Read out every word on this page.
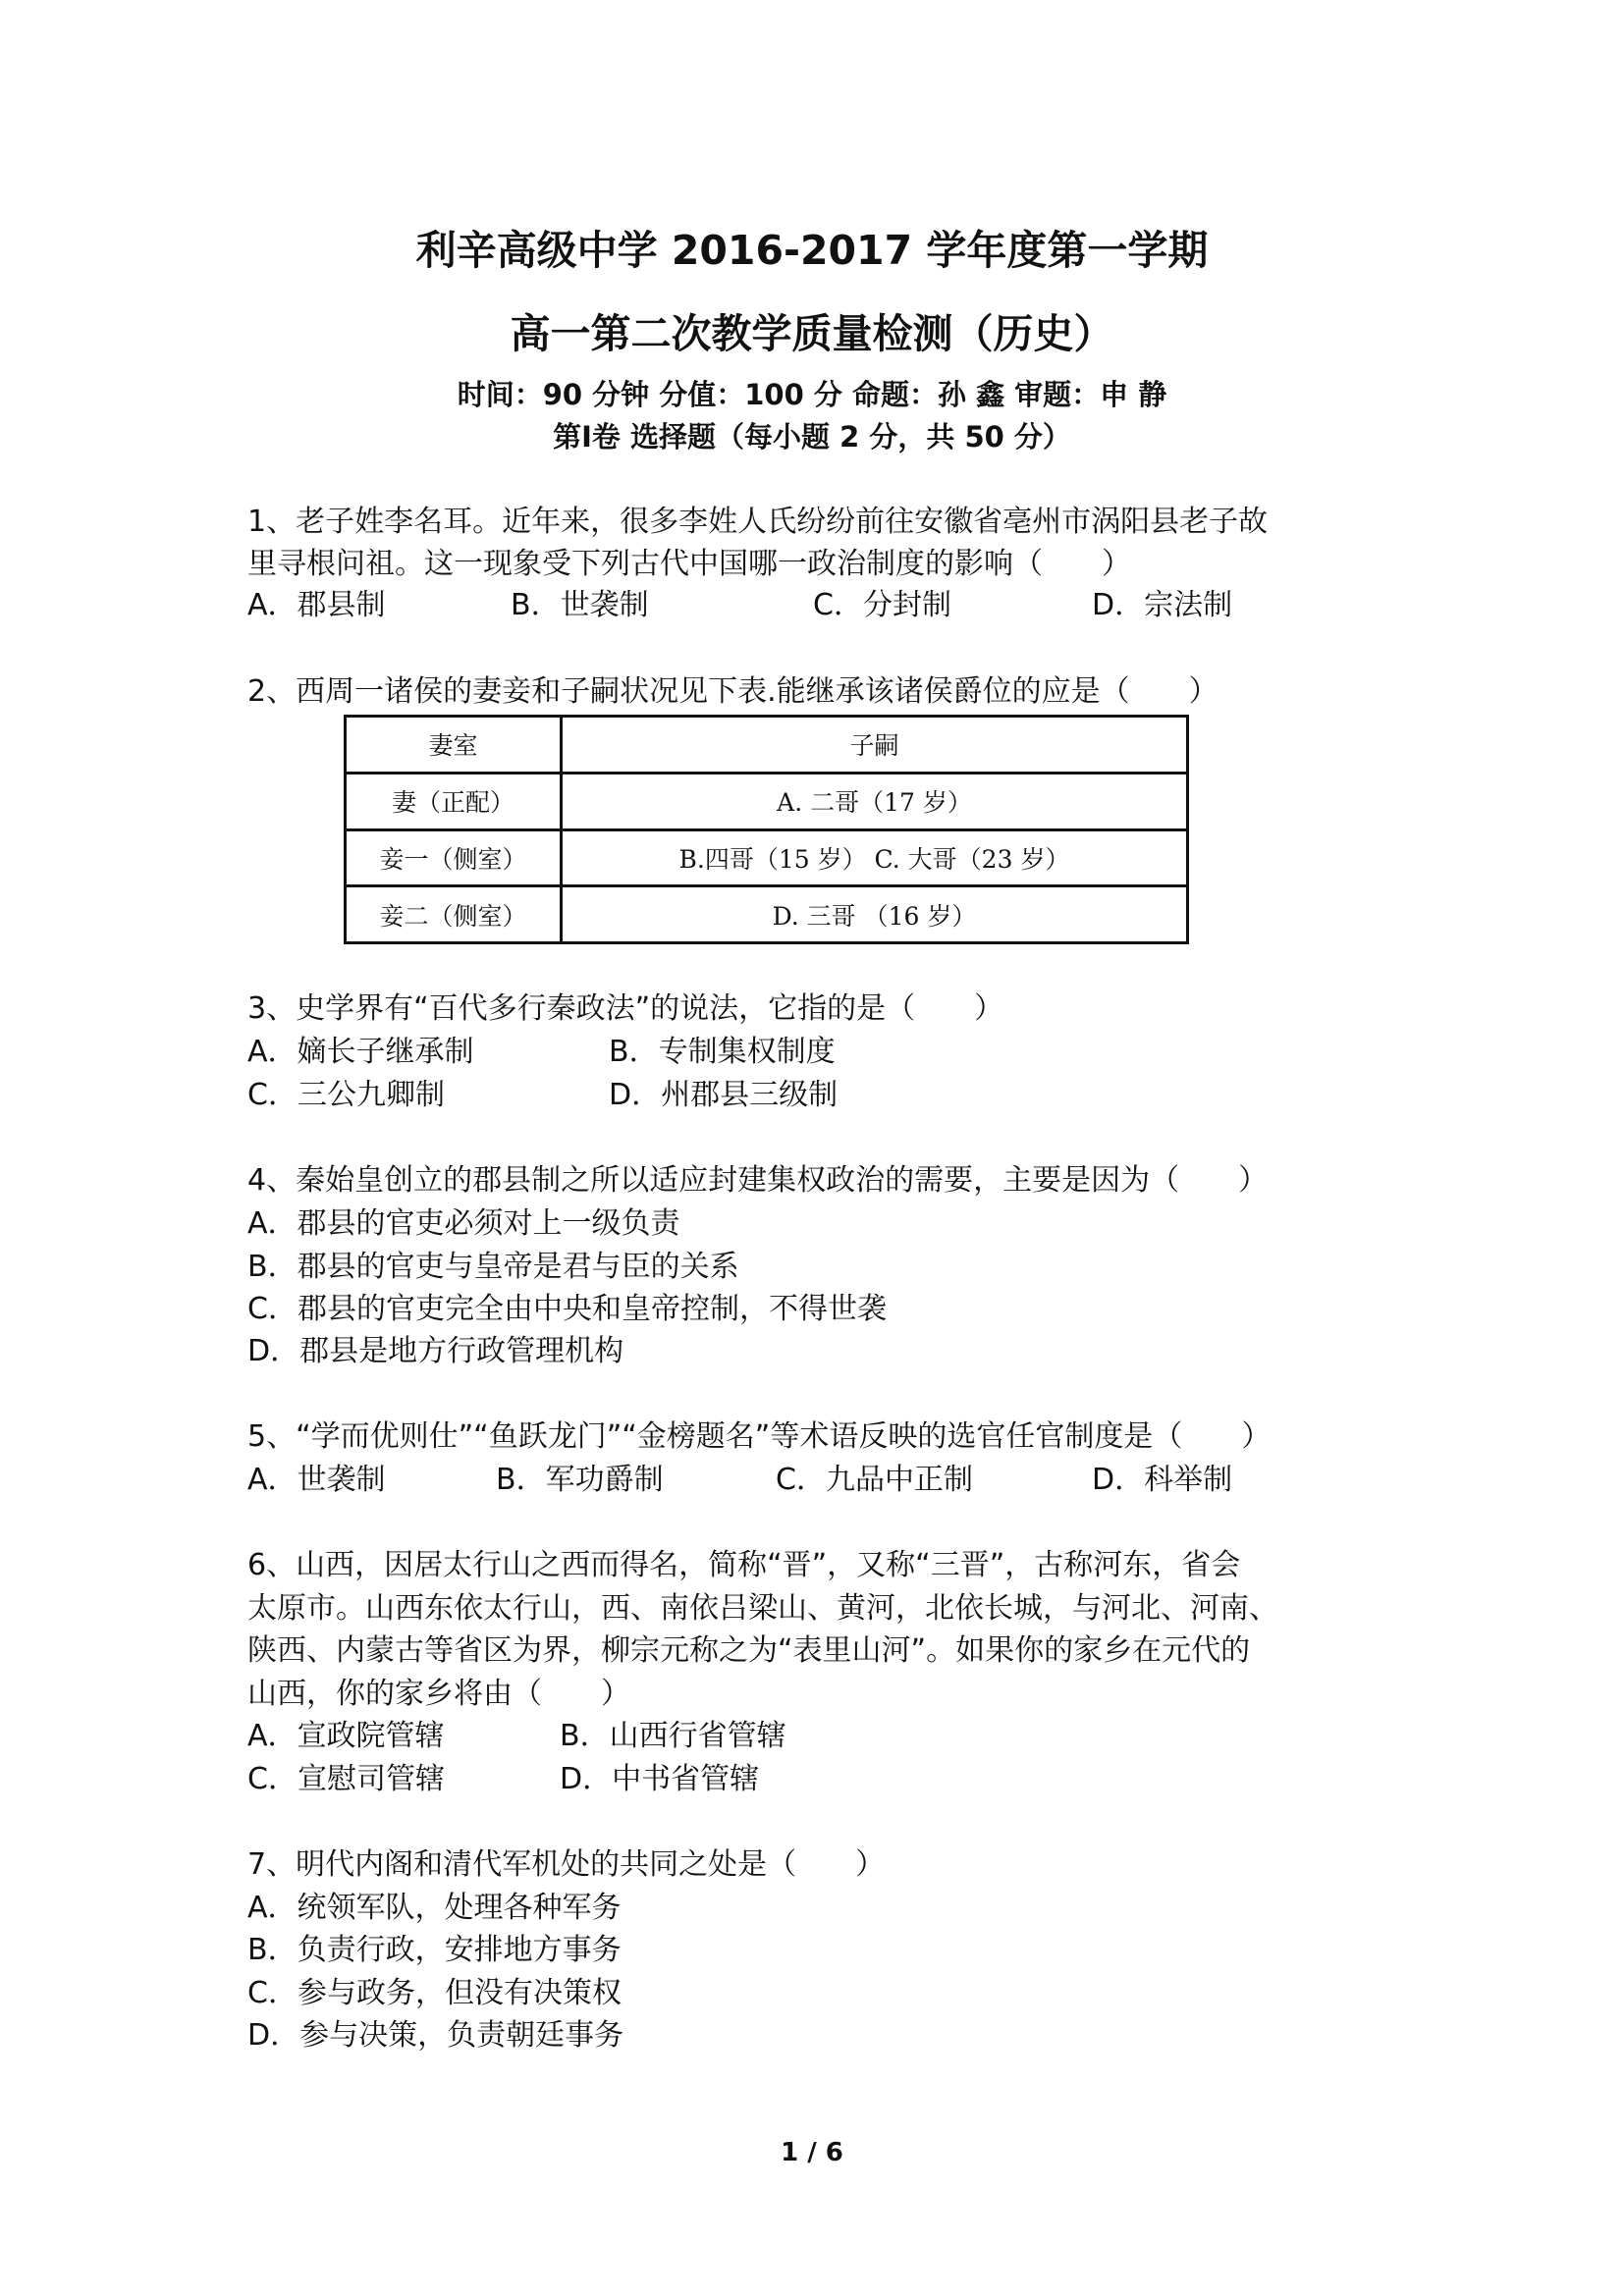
利辛高级中学 2016-2017 学年度第一学期
高一第二次教学质量检测（历史）
时间：90 分钟 分值：100 分 命题：孙 鑫 审题：申 静
第Ⅰ卷 选择题（每小题 2 分，共 50 分）
1、老子姓李名耳。近年来，很多李姓人氏纷纷前往安徽省亳州市涡阳县老子故
里寻根问祖。这一现象受下列古代中国哪一政治制度的影响（　　）
A．郡县制	B．世袭制	C．分封制	D．宗法制
2、西周一诸侯的妻妾和子嗣状况见下表.能继承该诸侯爵位的应是（　　）
妻室	子嗣
妻（正配）	A. 二哥（17 岁）
妾一（侧室）	B.四哥（15 岁） C. 大哥（23 岁）
妾二（侧室）	D. 三哥 （16 岁）
3、史学界有“百代多行秦政法”的说法，它指的是（　　）
A．嫡长子继承制	B．专制集权制度
C．三公九卿制	D．州郡县三级制
4、秦始皇创立的郡县制之所以适应封建集权政治的需要，主要是因为（　　）
A．郡县的官吏必须对上一级负责
B．郡县的官吏与皇帝是君与臣的关系
C．郡县的官吏完全由中央和皇帝控制，不得世袭
D．郡县是地方行政管理机构
5、“学而优则仕”“鱼跃龙门”“金榜题名”等术语反映的选官任官制度是（　　）
A．世袭制	B．军功爵制	C．九品中正制	D．科举制
6、山西，因居太行山之西而得名，简称“晋”，又称“三晋”，古称河东，省会
太原市。山西东依太行山，西、南依吕梁山、黄河，北依长城，与河北、河南、
陕西、内蒙古等省区为界，柳宗元称之为“表里山河”。如果你的家乡在元代的
山西，你的家乡将由（　　）
A．宣政院管辖	B．山西行省管辖
C．宣慰司管辖	D．中书省管辖
7、明代内阁和清代军机处的共同之处是（　　）
A．统领军队，处理各种军务
B．负责行政，安排地方事务
C．参与政务，但没有决策权
D．参与决策，负责朝廷事务
1 / 6
